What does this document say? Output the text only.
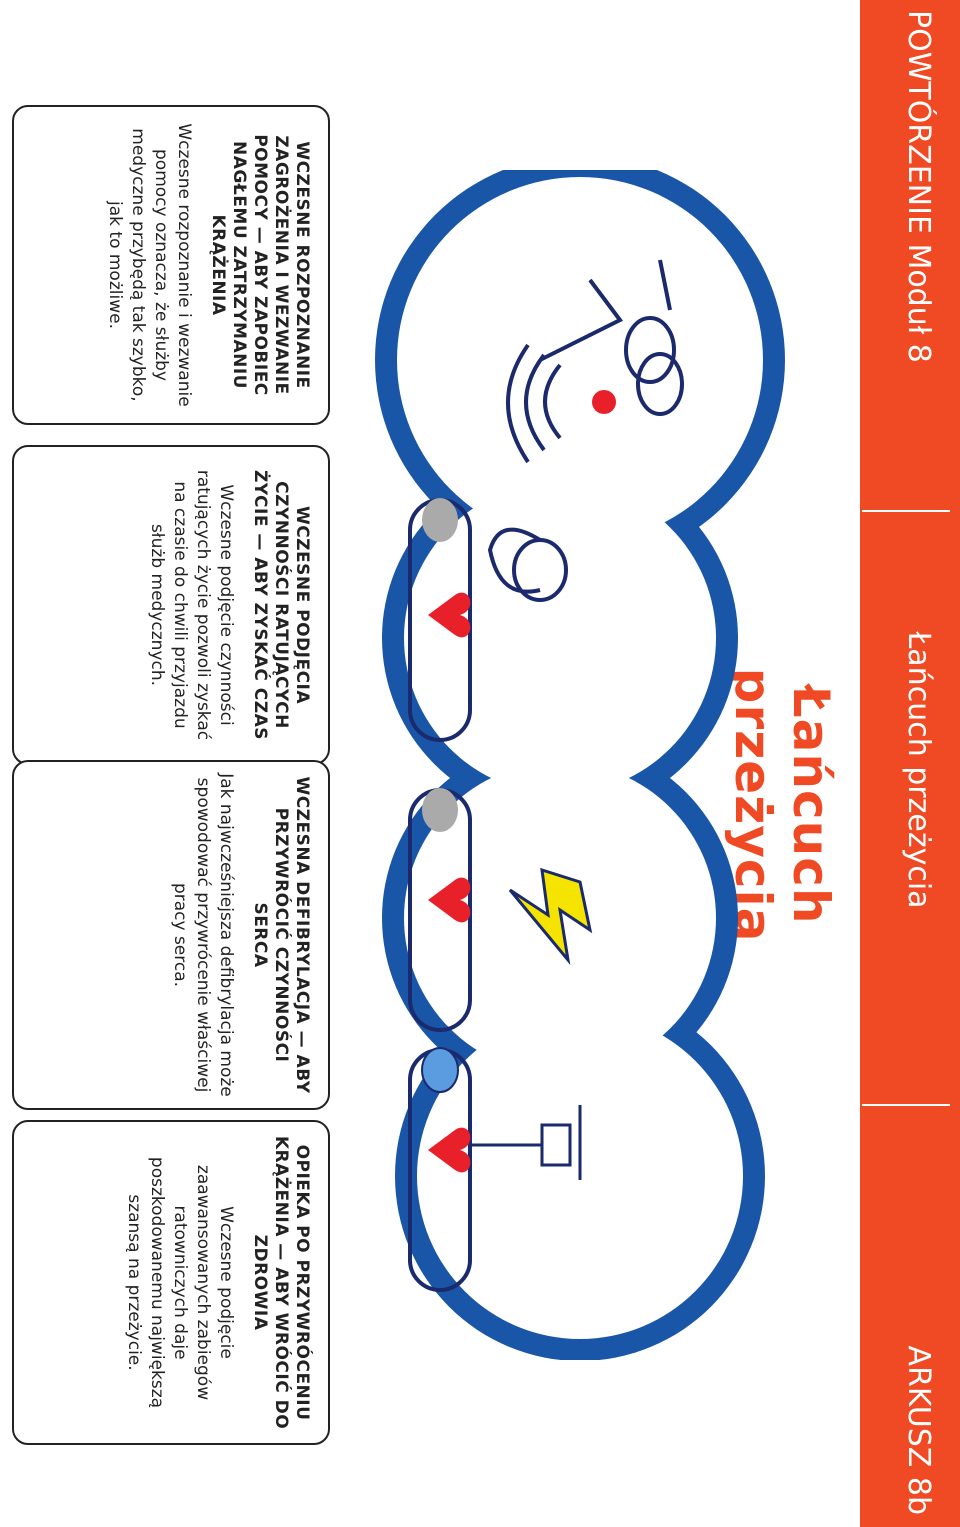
POWTÓRZENIE Moduł 8
Łańcuch przeżycia
ARKUSZ 8b
Łańcuch przeżycia
WCZESNE ROZPOZNANIE ZAGROŻENIA I WEZWANIE POMOCY — ABY ZAPOBIEC NAGŁEMU ZATRZYMANIU KRĄŻENIA
Wczesne rozpoznanie i wezwanie pomocy oznacza, że służby medyczne przybędą tak szybko, jak to możliwe.
WCZESNE PODJĘCIA CZYNNOŚCI RATUJĄCYCH ŻYCIE — ABY ZYSKAĆ CZAS
Wczesne podjęcie czynności ratujących życie pozwoli zyskać na czasie do chwili przyjazdu służb medycznych.
WCZESNA DEFIBRYLACJA — ABY PRZYWRÓCIĆ CZYNNOŚCI SERCA
Jak najwcześniejsza defibrylacja może spowodować przywrócenie właściwej pracy serca.
OPIEKA PO PRZYWRÓCENIU KRĄŻENIA — ABY WRÓCIĆ DO ZDROWIA
Wczesne podjęcie zaawansowanych zabiegów ratowniczych daje poszkodowanemu największą szansą na przeżycie.
